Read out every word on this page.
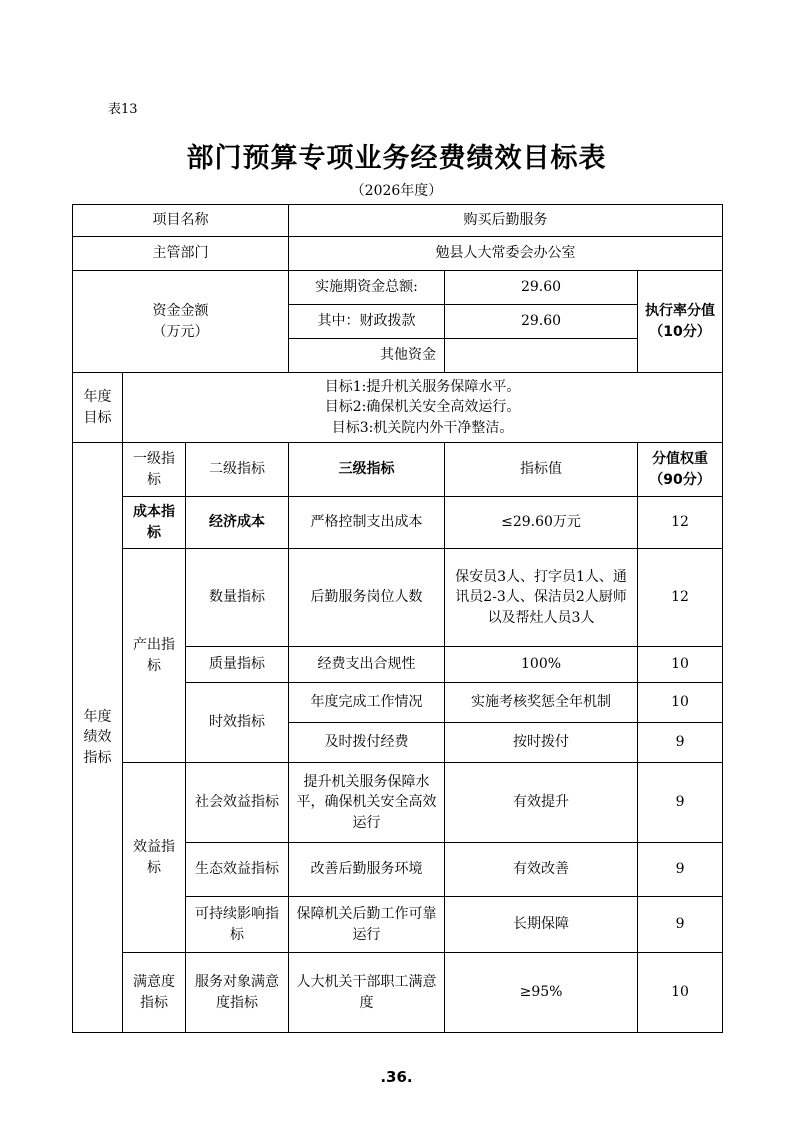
表13
部门预算专项业务经费绩效目标表
（2026年度）
项目名称			购买后勤服务		
主管部门			勉县人大常委会办公室		

资金金额
（万元）			实施期资金总额:	29.60	执行率分值（10分）
			其中：财政拨款	29.60	
			其他资金		
年度目标	目标1:提升机关服务保障水平。
目标2:确保机关安全高效运行。
目标3:机关院内外干净整洁。				

年度绩效指标	一级指标	二级指标	三级指标	指标值	分值权重（90分）
	成本指标	经济成本	严格控制支出成本	≤29.60万元	12
	产出指标	数量指标	后勤服务岗位人数	保安员3人、打字员1人、通讯员2-3人、保洁员2人厨师以及帮灶人员3人	12
		质量指标	经费支出合规性	100%	10
		时效指标	年度完成工作情况	实施考核奖惩全年机制	10
			及时拨付经费	按时拨付	9
	效益指标	社会效益指标	提升机关服务保障水平，确保机关安全高效运行	有效提升	9
		生态效益指标	改善后勤服务环境	有效改善	9
		可持续影响指标	保障机关后勤工作可靠运行	长期保障	9
	满意度指标	服务对象满意度指标	人大机关干部职工满意度	≥95%	10
.36.
